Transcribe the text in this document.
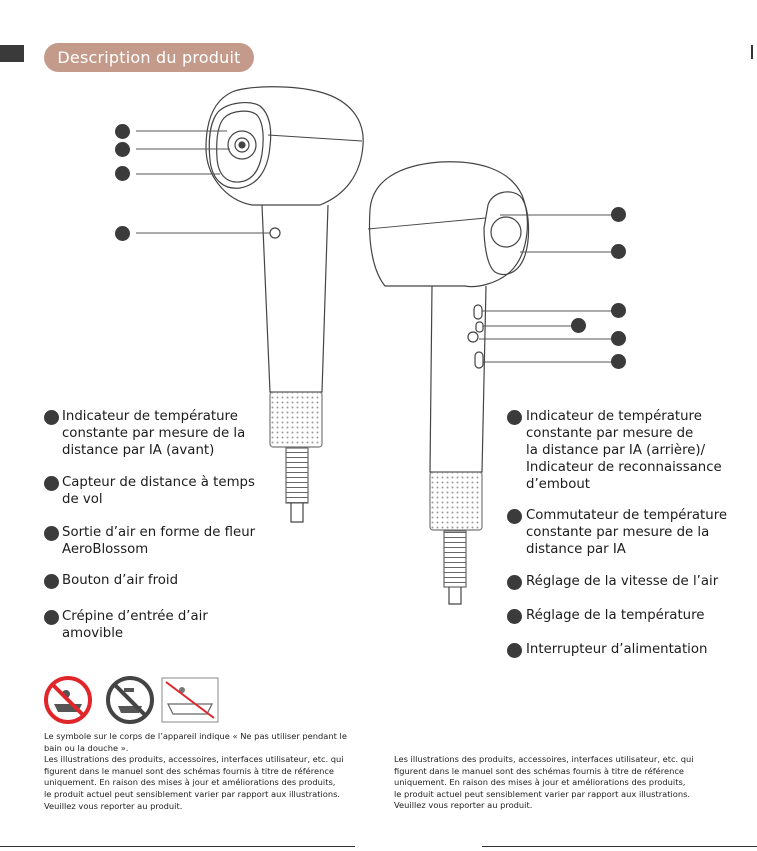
Description du produit
Indicateur de température
constante par mesure de la
distance par IA (avant)
Capteur de distance à temps
de vol
Sortie d’air en forme de fleur
AeroBlossom
Bouton d’air froid
Crépine d’entrée d’air
amovible
Indicateur de température
constante par mesure de
la distance par IA (arrière)/
Indicateur de reconnaissance
d’embout
Commutateur de température
constante par mesure de la
distance par IA
Réglage de la vitesse de l’air
Réglage de la température
Interrupteur d’alimentation
Le symbole sur le corps de l’appareil indique « Ne pas utiliser pendant le
bain ou la douche ».
Les illustrations des produits, accessoires, interfaces utilisateur, etc. qui
figurent dans le manuel sont des schémas fournis à titre de référence
uniquement. En raison des mises à jour et améliorations des produits,
le produit actuel peut sensiblement varier par rapport aux illustrations.
Veuillez vous reporter au produit.
Les illustrations des produits, accessoires, interfaces utilisateur, etc. qui
figurent dans le manuel sont des schémas fournis à titre de référence
uniquement. En raison des mises à jour et améliorations des produits,
le produit actuel peut sensiblement varier par rapport aux illustrations.
Veuillez vous reporter au produit.
